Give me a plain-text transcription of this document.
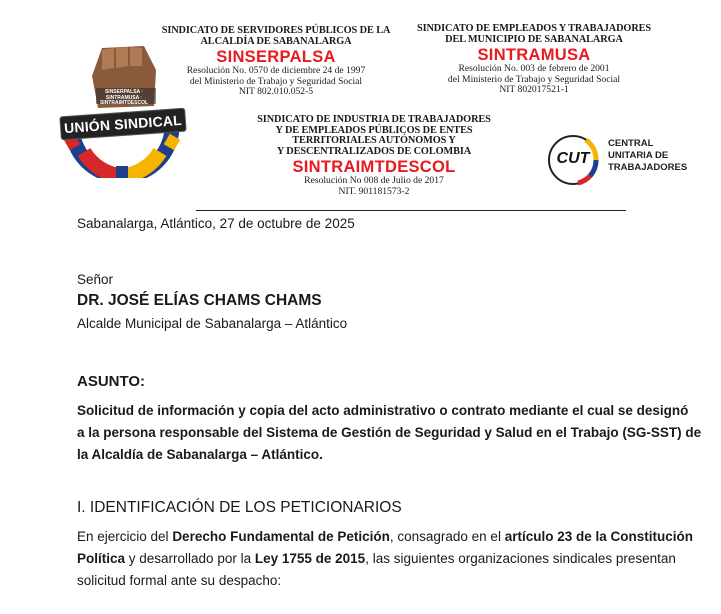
SINSERPALSA · SINTRAMUSA · SINTRAIMTDESCOL
UNIÓN SINDICAL
SINDICATO DE SERVIDORES PÚBLICOS DE LA
ALCALDÍA DE SABANALARGA
SINSERPALSA
Resolución No. 0570 de diciembre 24 de 1997
del Ministerio de Trabajo y Seguridad Social
NIT 802.010.052-5
SINDICATO DE EMPLEADOS Y TRABAJADORES
DEL MUNICIPIO DE SABANALARGA
SINTRAMUSA
Resolución No. 003 de febrero de 2001
del Ministerio de Trabajo y Seguridad Social
NIT 802017521-1
SINDICATO DE INDUSTRIA DE TRABAJADORES
Y DE EMPLEADOS PÚBLICOS DE ENTES
TERRITORIALES AUTÓNOMOS Y
Y DESCENTRALIZADOS DE COLOMBIA
SINTRAIMTDESCOL
Resolución No 008 de Julio de 2017
NIT. 901181573-2
CUT
CENTRAL
UNITARIA DE
TRABAJADORES
Sabanalarga, Atlántico, 27 de octubre de 2025
Señor
DR. JOSÉ ELÍAS CHAMS CHAMS
Alcalde Municipal de Sabanalarga – Atlántico
ASUNTO:
Solicitud de información y copia del acto administrativo o contrato mediante el cual se designó
a la persona responsable del Sistema de Gestión de Seguridad y Salud en el Trabajo (SG-SST) de
la Alcaldía de Sabanalarga – Atlántico.
I. IDENTIFICACIÓN DE LOS PETICIONARIOS
En ejercicio del Derecho Fundamental de Petición, consagrado en el artículo 23 de la Constitución
Política y desarrollado por la Ley 1755 de 2015, las siguientes organizaciones sindicales presentan
solicitud formal ante su despacho:
